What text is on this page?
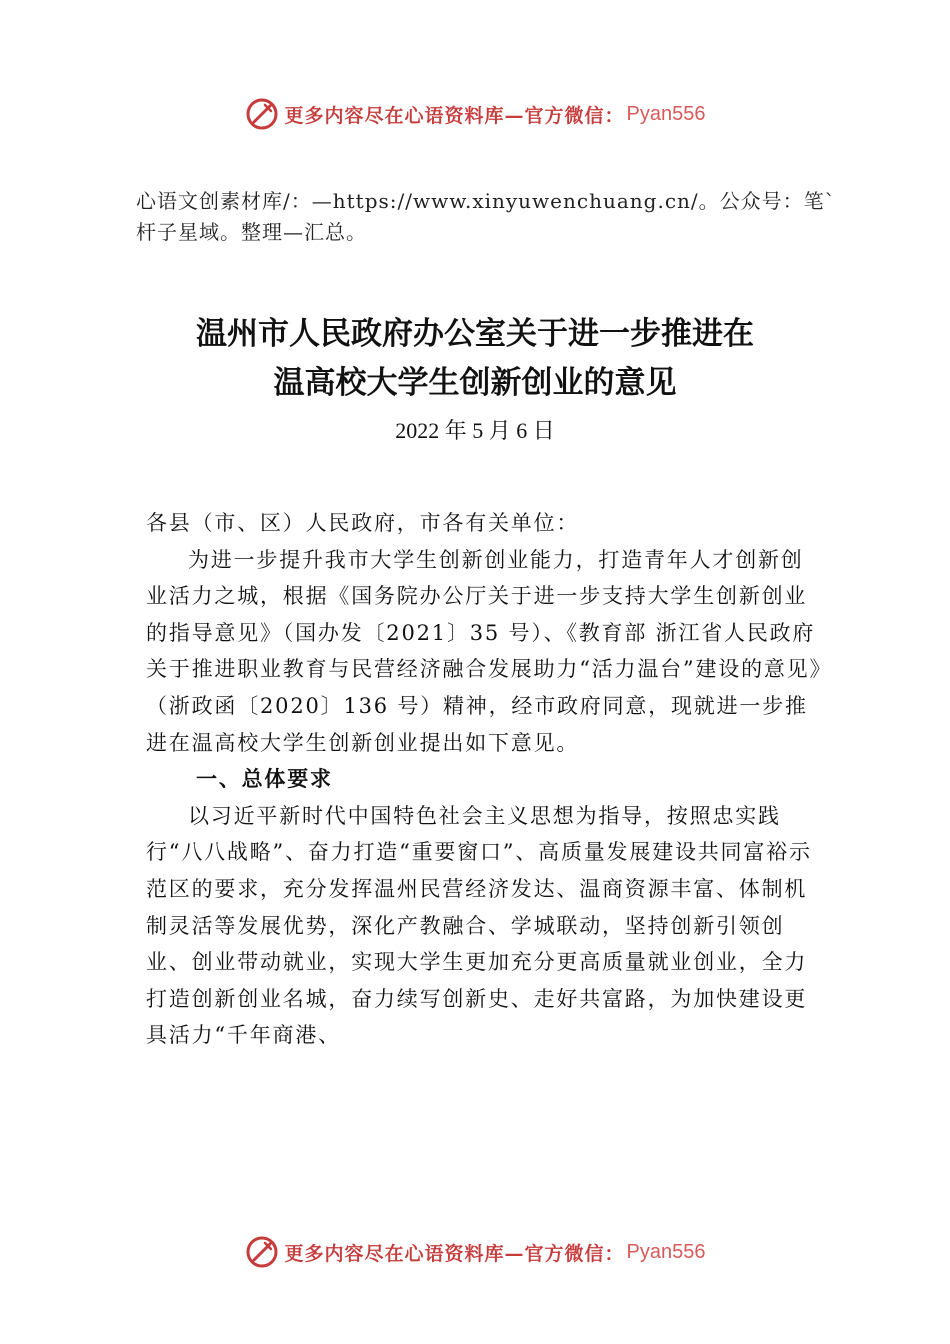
更多内容尽在心语资料库—官方微信： Pyan556
心语文创素材库/：—https://www.xinyuwenchuang.cn/。公众号：笔`杆子星域。整理—汇总。
温州市人民政府办公室关于进一步推进在
温高校大学生创新创业的意见
2022 年 5 月 6 日

各县（市、区）人民政府，市各有关单位：

为进一步提升我市大学生创新创业能力，打造青年人才创新创业活力之城，根据《国务院办公厅关于进一步支持大学生创新创业的指导意见》（国办发〔2021〕35 号）、《教育部 浙江省人民政府关于推进职业教育与民营经济融合发展助力“活力温台”建设的意见》（浙政函〔2020〕136 号）精神，经市政府同意，现就进一步推进在温高校大学生创新创业提出如下意见。

一、总体要求

以习近平新时代中国特色社会主义思想为指导，按照忠实践行“八八战略”、奋力打造“重要窗口”、高质量发展建设共同富裕示范区的要求，充分发挥温州民营经济发达、温商资源丰富、体制机制灵活等发展优势，深化产教融合、学城联动，坚持创新引领创业、创业带动就业，实现大学生更加充分更高质量就业创业，全力打造创新创业名城，奋力续写创新史、走好共富路，为加快建设更具活力“千年商港、

更多内容尽在心语资料库—官方微信： Pyan556
